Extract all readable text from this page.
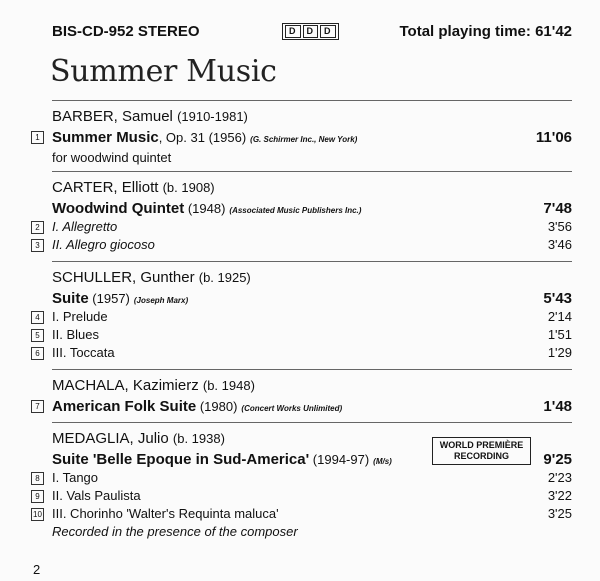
BIS-CD-952 STEREO	D	D	D	Total playing time: 61'42
Summer Music
BARBER, Samuel (1910-1981)
1 Summer Music, Op. 31 (1956) (G. Schirmer Inc., New York)	11'06
for woodwind quintet
CARTER, Elliott (b. 1908)
Woodwind Quintet (1948) (Associated Music Publishers Inc.)	7'48
2 I. Allegretto	3'56
3 II. Allegro giocoso	3'46
SCHULLER, Gunther (b. 1925)
Suite (1957) (Joseph Marx)	5'43
4 I. Prelude	2'14
5 II. Blues	1'51
6 III. Toccata	1'29
MACHALA, Kazimierz (b. 1948)
7 American Folk Suite (1980) (Concert Works Unlimited)	1'48
MEDAGLIA, Julio (b. 1938)	WORLD PREMIÈRE
RECORDING
Suite 'Belle Epoque in Sud-America' (1994-97) (M/s)	9'25
8 I. Tango	2'23
9 II. Vals Paulista	3'22
10 III. Chorinho 'Walter's Requinta maluca'	3'25
Recorded in the presence of the composer
2
